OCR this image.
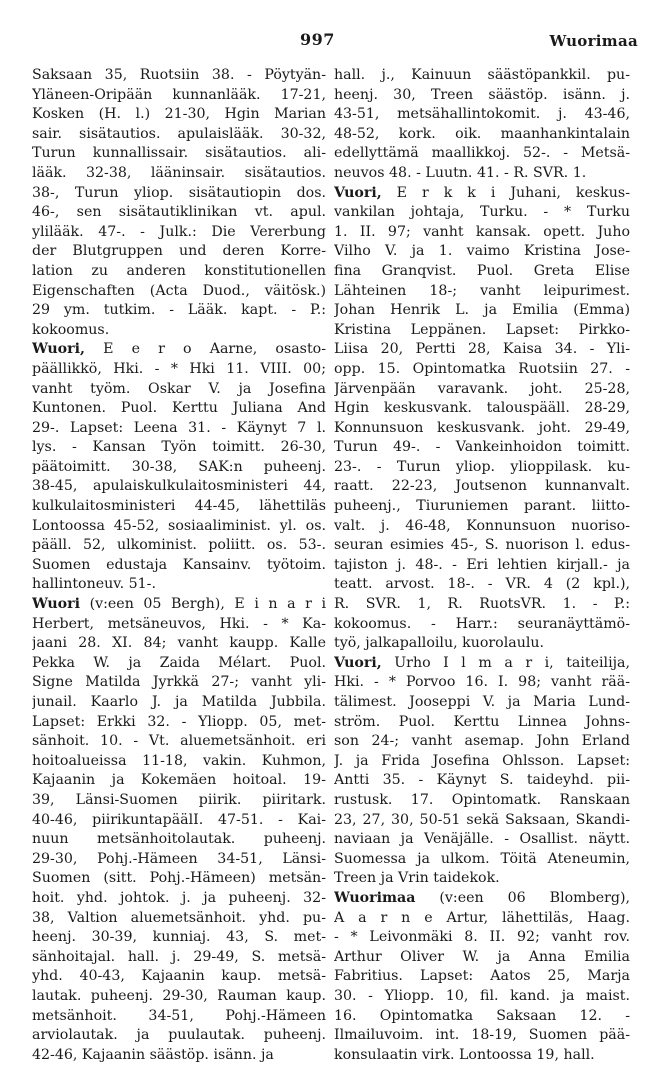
997	Wuorimaa
Saksaan 35, Ruotsiin 38. - Pöytyän-
Yläneen-Oripään kunnanlääk. 17-21,
Kosken (H. l.) 21-30, Hgin Marian
sair. sisätautios. apulaislääk. 30-32,
Turun kunnallissair. sisätautios. ali-
lääk. 32-38, lääninsair. sisätautios.
38-, Turun yliop. sisätautiopin dos.
46-, sen sisätautiklinikan vt. apul.
ylilääk. 47-. - Julk.: Die Vererbung
der Blutgruppen und deren Korre-
lation zu anderen konstitutionellen
Eigenschaften (Acta Duod., väitösk.)
29 ym. tutkim. - Lääk. kapt. - P.:
kokoomus.
Wuori, E e r o Aarne, osasto-
päällikkö, Hki. - * Hki 11. VIII. 00;
vanht työm. Oskar V. ja Josefina
Kuntonen. Puol. Kerttu Juliana And
29-. Lapset: Leena 31. - Käynyt 7 l.
lys. - Kansan Työn toimitt. 26-30,
päätoimitt. 30-38, SAK:n puheenj.
38-45, apulaiskulkulaitosministeri 44,
kulkulaitosministeri 44-45, lähettiläs
Lontoossa 45-52, sosiaaliminist. yl. os.
pääll. 52, ulkominist. poliitt. os. 53-.
Suomen edustaja Kansainv. työtoim.
hallintoneuv. 51-.
Wuori (v:een 05 Bergh), E i n a r i
Herbert, metsäneuvos, Hki. - * Ka-
jaani 28. XI. 84; vanht kaupp. Kalle
Pekka W. ja Zaida Mélart. Puol.
Signe Matilda Jyrkkä 27-; vanht yli-
junail. Kaarlo J. ja Matilda Jubbila.
Lapset: Erkki 32. - Yliopp. 05, met-
sänhoit. 10. - Vt. aluemetsänhoit. eri
hoitoalueissa 11-18, vakin. Kuhmon,
Kajaanin ja Kokemäen hoitoal. 19-
39, Länsi-Suomen piirik. piiritark.
40-46, piirikuntapäälI. 47-51. - Kai-
nuun metsänhoitolautak. puheenj.
29-30, Pohj.-Hämeen 34-51, Länsi-
Suomen (sitt. Pohj.-Hämeen) metsän-
hoit. yhd. johtok. j. ja puheenj. 32-
38, Valtion aluemetsänhoit. yhd. pu-
heenj. 30-39, kunniaj. 43, S. met-
sänhoitajal. hall. j. 29-49, S. metsä-
yhd. 40-43, Kajaanin kaup. metsä-
lautak. puheenj. 29-30, Rauman kaup.
metsänhoit. 34-51, Pohj.-Hämeen
arviolautak. ja puulautak. puheenj.
42-46, Kajaanin säästöp. isänn. ja
hall. j., Kainuun säästöpankkil. pu-
heenj. 30, Treen säästöp. isänn. j.
43-51, metsähallintokomit. j. 43-46,
48-52, kork. oik. maanhankintalain
edellyttämä maallikkoj. 52-. - Metsä-
neuvos 48. - Luutn. 41. - R. SVR. 1.
Vuori, E r k k i Juhani, keskus-
vankilan johtaja, Turku. - * Turku
1. II. 97; vanht kansak. opett. Juho
Vilho V. ja 1. vaimo Kristina Jose-
fina Granqvist. Puol. Greta Elise
Lähteinen 18-; vanht leipurimest.
Johan Henrik L. ja Emilia (Emma)
Kristina Leppänen. Lapset: Pirkko-
Liisa 20, Pertti 28, Kaisa 34. - Yli-
opp. 15. Opintomatka Ruotsiin 27. -
Järvenpään varavank. joht. 25-28,
Hgin keskusvank. talouspääll. 28-29,
Konnunsuon keskusvank. joht. 29-49,
Turun 49-. - Vankeinhoidon toimitt.
23-. - Turun yliop. ylioppilask. ku-
raatt. 22-23, Joutsenon kunnanvalt.
puheenj., Tiuruniemen parant. liitto-
valt. j. 46-48, Konnunsuon nuoriso-
seuran esimies 45-, S. nuorison l. edus-
tajiston j. 48-. - Eri lehtien kirjall.- ja
teatt. arvost. 18-. - VR. 4 (2 kpl.),
R. SVR. 1, R. RuotsVR. 1. - P.:
kokoomus. - Harr.: seuranäyttämö-
työ, jalkapalloilu, kuorolaulu.
Vuori, Urho I l m a r i, taiteilija,
Hki. - * Porvoo 16. I. 98; vanht rää-
tälimest. Jooseppi V. ja Maria Lund-
ström. Puol. Kerttu Linnea Johns-
son 24-; vanht asemap. John Erland
J. ja Frida Josefina Ohlsson. Lapset:
Antti 35. - Käynyt S. taideyhd. pii-
rustusk. 17. Opintomatk. Ranskaan
23, 27, 30, 50-51 sekä Saksaan, Skandi-
naviaan ja Venäjälle. - Osallist. näytt.
Suomessa ja ulkom. Töitä Ateneumin,
Treen ja Vrin taidekok.
Wuorimaa (v:een 06 Blomberg),
A a r n e Artur, lähettiläs, Haag.
- * Leivonmäki 8. II. 92; vanht rov.
Arthur Oliver W. ja Anna Emilia
Fabritius. Lapset: Aatos 25, Marja
30. - Yliopp. 10, fil. kand. ja maist.
16. Opintomatka Saksaan 12. -
Ilmailuvoim. int. 18-19, Suomen pää-
konsulaatin virk. Lontoossa 19, hall.
